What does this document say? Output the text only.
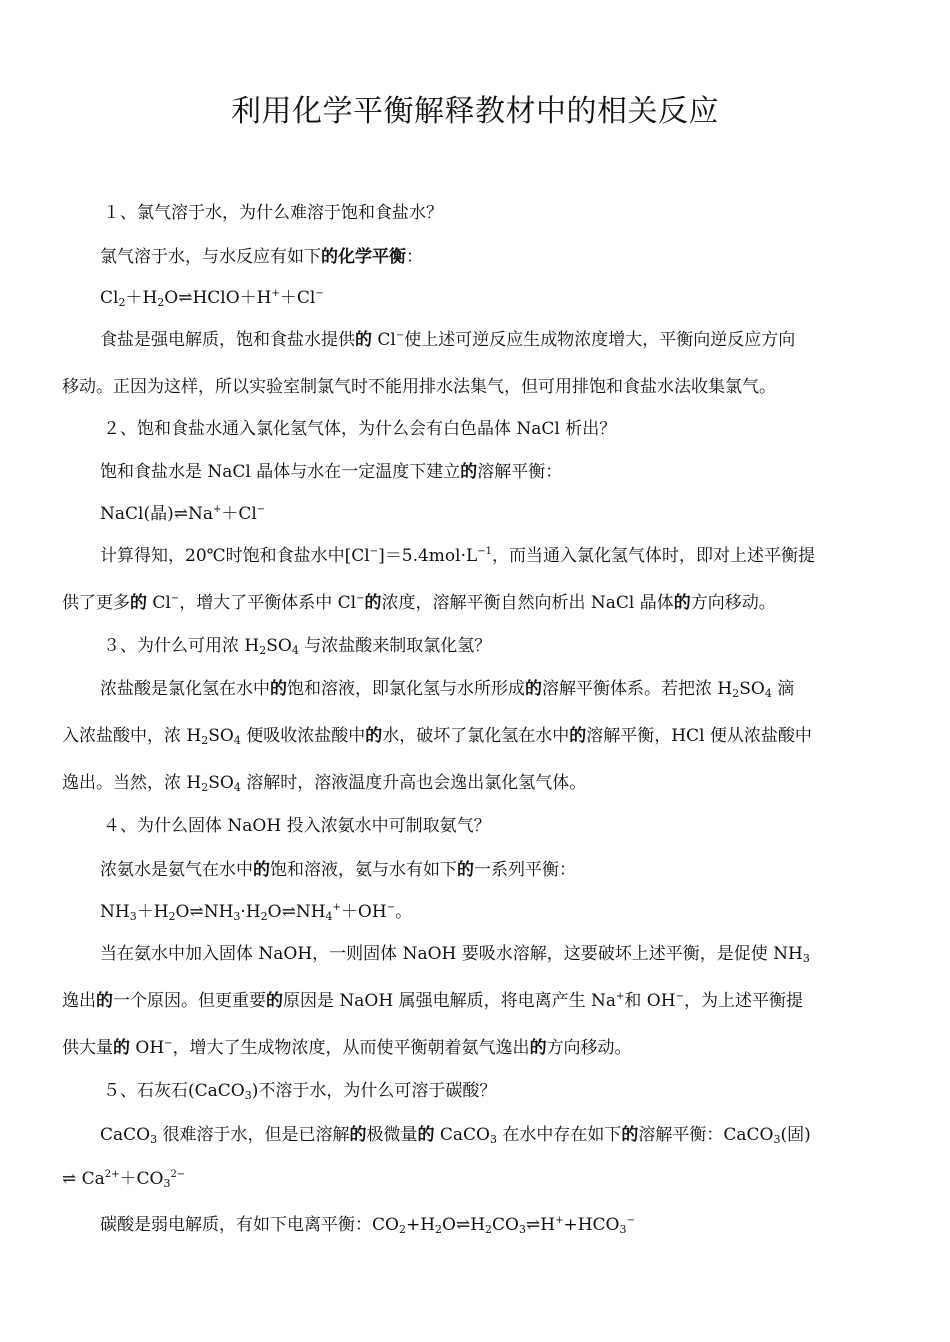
利用化学平衡解释教材中的相关反应
１、氯气溶于水，为什么难溶于饱和食盐水？
氯气溶于水，与水反应有如下的化学平衡：
$Cl_2+H_2O\rightleftharpoons HClO+H^++Cl^-$
食盐是强电解质，饱和食盐水提供的 Cl−使上述可逆反应生成物浓度增大，平衡向逆反应方向
移动。正因为这样，所以实验室制氯气时不能用排水法集气，但可用排饱和食盐水法收集氯气。
２、饱和食盐水通入氯化氢气体，为什么会有白色晶体 NaCl 析出？
饱和食盐水是 NaCl 晶体与水在一定温度下建立的溶解平衡：
NaCl(晶)⇌Na+＋Cl−
计算得知，20℃时饱和食盐水中$[Cl^-]=5.4mol\cdot L^{-1}$，而当通入氯化氢气体时，即对上述平衡提
供了更多的 Cl−，增大了平衡体系中 Cl−的浓度，溶解平衡自然向析出 NaCl 晶体的方向移动。
３、为什么可用浓 $H_2SO_4$ 与浓盐酸来制取氯化氢？
浓盐酸是氯化氢在水中的饱和溶液，即氯化氢与水所形成的溶解平衡体系。若把浓 $H_2SO_4$ 滴
入浓盐酸中，浓 $H_2SO_4$ 便吸收浓盐酸中的水，破坏了氯化氢在水中的溶解平衡，HCl 便从浓盐酸中
逸出。当然，浓 $H_2SO_4$ 溶解时，溶液温度升高也会逸出氯化氢气体。
４、为什么固体 NaOH 投入浓氨水中可制取氨气？
浓氨水是氨气在水中的饱和溶液，氨与水有如下的一系列平衡：
$NH_3+H_2O\rightleftharpoons NH_3\cdot H_2O\rightleftharpoons NH_4^++OH^-$。
当在氨水中加入固体 NaOH，一则固体 NaOH 要吸水溶解，这要破坏上述平衡，是促使 $NH_3$
逸出的一个原因。但更重要的原因是 NaOH 属强电解质，将电离产生 Na+和 OH−，为上述平衡提
供大量的 OH−，增大了生成物浓度，从而使平衡朝着氨气逸出的方向移动。
５、石灰石(CaCO$_3$)不溶于水，为什么可溶于碳酸？
CaCO$_3$ 很难溶于水，但是已溶解的极微量的 CaCO$_3$ 在水中存在如下的溶解平衡：CaCO$_3$(固)
⇌ $Ca^{2+}+CO_3^{2-}$
碳酸是弱电解质，有如下电离平衡：$CO_2+H_2O\rightleftharpoons H_2CO_3\rightleftharpoons H^++HCO_3^-$
